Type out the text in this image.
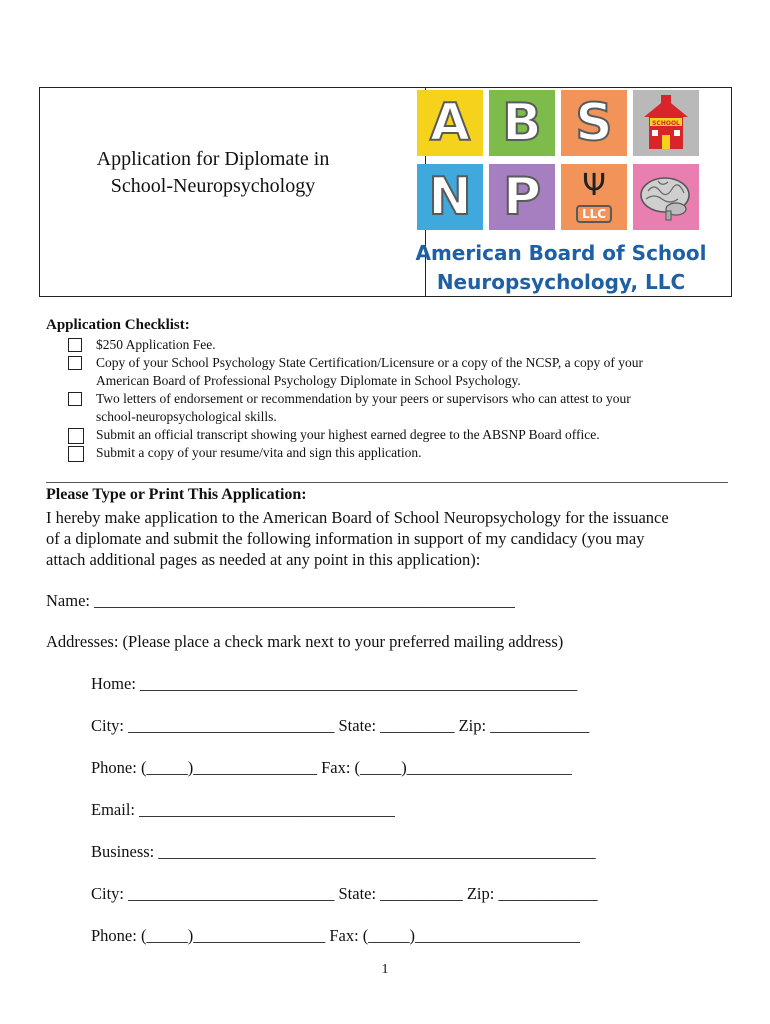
Application for Diplomate in
School-Neuropsychology
A B S	SCHOOL
N P	Ψ
LLC
American Board of School
Neuropsychology, LLC
Application Checklist:
$250 Application Fee.
Copy of your School Psychology State Certification/Licensure or a copy of the NCSP, a copy of your
American Board of Professional Psychology Diplomate in School Psychology.
Two letters of endorsement or recommendation by your peers or supervisors who can attest to your
school-neuropsychological skills.
Submit an official transcript showing your highest earned degree to the ABSNP Board office.
Submit a copy of your resume/vita and sign this application.
Please Type or Print This Application:
I hereby make application to the American Board of School Neuropsychology for the issuance
of a diplomate and submit the following information in support of my candidacy (you may
attach additional pages as needed at any point in this application):
Name: ___________________________________________________
Addresses: (Please place a check mark next to your preferred mailing address)
Home: _____________________________________________________
City: _________________________ State: _________ Zip: ____________
Phone: (_____)_______________ Fax: (_____)____________________
Email: _______________________________
Business: _____________________________________________________
City: _________________________ State: __________ Zip: ____________
Phone: (_____)________________ Fax: (_____)____________________
1
